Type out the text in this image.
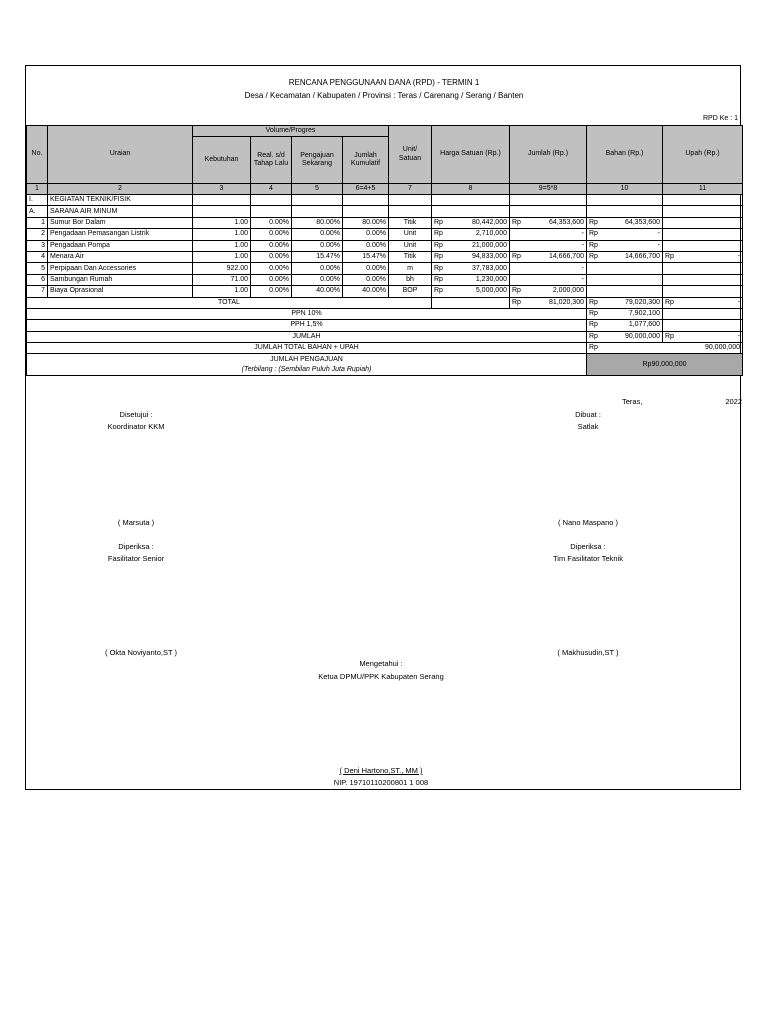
RENCANA PENGGUNAAN DANA (RPD) - TERMIN 1
Desa / Kecamatan / Kabupaten / Provinsi : Teras / Carenang / Serang / Banten
RPD Ke : 1
No.	Uraian	Volume/Progres				Unit/ Satuan	Harga Satuan (Rp.)	Jumlah (Rp.)	Bahan (Rp.)	Upah (Rp.)
		Kebutuhan	Real. s/d Tahap Lalu	Pengajuan Sekarang	Jumlah Kumulatif					
1	2	3	4	5	6=4+5	7	8	9=5*8	10	11
I.	KEGIATAN TEKNIK/FISIK									
A.	SARANA AIR MINUM									
1	Sumur Bor Dalam	1.00	0.00%	80.00%	80.00%	Titik	Rp 80,442,000	Rp 64,353,600	Rp 64,353,600	

2	Pengadaan Pemasangan Listrik	1.00	0.00%	0.00%	0.00%	Unit	Rp 2,710,000	-	Rp -	

3	Pengadaan Pompa	1.00	0.00%	0.00%	0.00%	Unit	Rp 21,000,000	-	Rp -	

4	Menara Air	1.00	0.00%	15.47%	15.47%	Titik	Rp 94,833,000	Rp 14,666,700	Rp 14,666,700	Rp -

5	Perpipaan Dan Accessories	922.00	0.00%	0.00%	0.00%	m	Rp 37,783,000	-		
6	Sambungan Rumah	71.00	0.00%	0.00%	0.00%	bh	Rp 1,230,000	-		
7	Biaya Oprasional	1.00	0.00%	40.00%	40.00%	BOP	Rp 5,000,000	Rp 2,000,000		

TOTAL								Rp 81,020,300	Rp 79,020,300	Rp -

PPN 10%									Rp 7,902,100	

PPH 1,5%									Rp 1,077,600	

JUMLAH									Rp 90,000,000	Rp -

JUMLAH TOTAL BAHAN + UPAH									Rp 90,000,000	

JUMLAH PENGAJUAN									Rp90,000,000	
(Terbilang : (Sembilan Puluh Juta Rupiah)										
Teras,	2022
Disetujui :
Koordinator KKM
Dibuat :
Satlak
( Marsuta )	( Nano Maspano )
Diperiksa :
Fasilitator Senior
Diperiksa :
Tim Fasilitator Teknik
( Okta Noviyanto,ST )	( Makhusudin,ST )
Mengetahui :
Ketua DPMU/PPK Kabupaten Serang
( Deni Hartono,ST., MM )
NIP. 19710110200801 1 008
